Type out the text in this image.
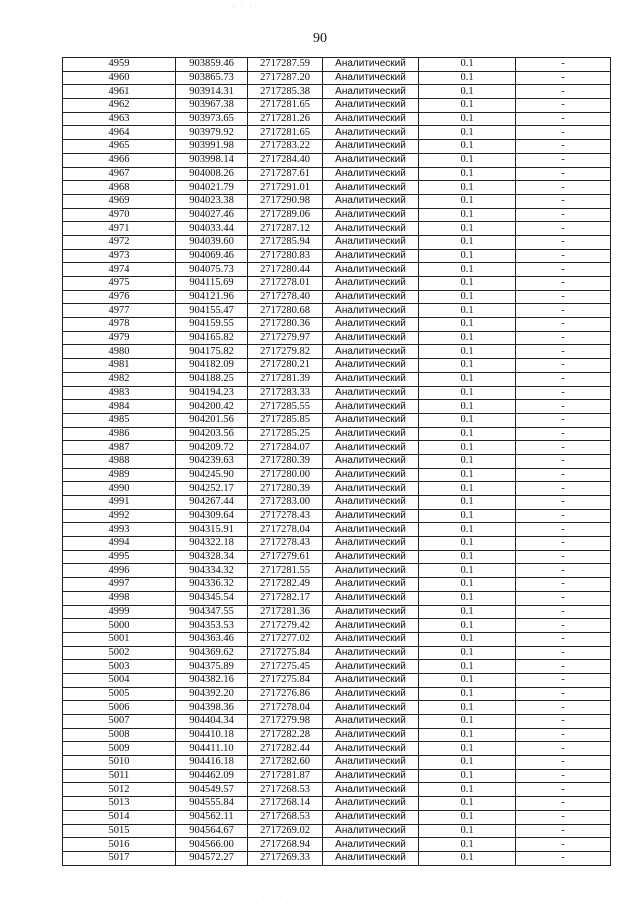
90
4959	903859.46	2717287.59	Аналитический	0.1	-
4960	903865.73	2717287.20	Аналитический	0.1	-
4961	903914.31	2717285.38	Аналитический	0.1	-
4962	903967.38	2717281.65	Аналитический	0.1	-
4963	903973.65	2717281.26	Аналитический	0.1	-
4964	903979.92	2717281.65	Аналитический	0.1	-
4965	903991.98	2717283.22	Аналитический	0.1	-
4966	903998.14	2717284.40	Аналитический	0.1	-
4967	904008.26	2717287.61	Аналитический	0.1	-
4968	904021.79	2717291.01	Аналитический	0.1	-
4969	904023.38	2717290.98	Аналитический	0.1	-
4970	904027.46	2717289.06	Аналитический	0.1	-
4971	904033.44	2717287.12	Аналитический	0.1	-
4972	904039.60	2717285.94	Аналитический	0.1	-
4973	904069.46	2717280.83	Аналитический	0.1	-
4974	904075.73	2717280.44	Аналитический	0.1	-
4975	904115.69	2717278.01	Аналитический	0.1	-
4976	904121.96	2717278.40	Аналитический	0.1	-
4977	904155.47	2717280.68	Аналитический	0.1	-
4978	904159.55	2717280.36	Аналитический	0.1	-
4979	904165.82	2717279.97	Аналитический	0.1	-
4980	904175.82	2717279.82	Аналитический	0.1	-
4981	904182.09	2717280.21	Аналитический	0.1	-
4982	904188.25	2717281.39	Аналитический	0.1	-
4983	904194.23	2717283.33	Аналитический	0.1	-
4984	904200.42	2717285.55	Аналитический	0.1	-
4985	904201.56	2717285.85	Аналитический	0.1	-
4986	904203.56	2717285.25	Аналитический	0.1	-
4987	904209.72	2717284.07	Аналитический	0.1	-
4988	904239.63	2717280.39	Аналитический	0.1	-
4989	904245.90	2717280.00	Аналитический	0.1	-
4990	904252.17	2717280.39	Аналитический	0.1	-
4991	904267.44	2717283.00	Аналитический	0.1	-
4992	904309.64	2717278.43	Аналитический	0.1	-
4993	904315.91	2717278.04	Аналитический	0.1	-
4994	904322.18	2717278.43	Аналитический	0.1	-
4995	904328.34	2717279.61	Аналитический	0.1	-
4996	904334.32	2717281.55	Аналитический	0.1	-
4997	904336.32	2717282.49	Аналитический	0.1	-
4998	904345.54	2717282.17	Аналитический	0.1	-
4999	904347.55	2717281.36	Аналитический	0.1	-
5000	904353.53	2717279.42	Аналитический	0.1	-
5001	904363.46	2717277.02	Аналитический	0.1	-
5002	904369.62	2717275.84	Аналитический	0.1	-
5003	904375.89	2717275.45	Аналитический	0.1	-
5004	904382.16	2717275.84	Аналитический	0.1	-
5005	904392.20	2717276.86	Аналитический	0.1	-
5006	904398.36	2717278.04	Аналитический	0.1	-
5007	904404.34	2717279.98	Аналитический	0.1	-
5008	904410.18	2717282.28	Аналитический	0.1	-
5009	904411.10	2717282.44	Аналитический	0.1	-
5010	904416.18	2717282.60	Аналитический	0.1	-
5011	904462.09	2717281.87	Аналитический	0.1	-
5012	904549.57	2717268.53	Аналитический	0.1	-
5013	904555.84	2717268.14	Аналитический	0.1	-
5014	904562.11	2717268.53	Аналитический	0.1	-
5015	904564.67	2717269.02	Аналитический	0.1	-
5016	904566.00	2717268.94	Аналитический	0.1	-
5017	904572.27	2717269.33	Аналитический	0.1	-
· · ·
· · · ·
